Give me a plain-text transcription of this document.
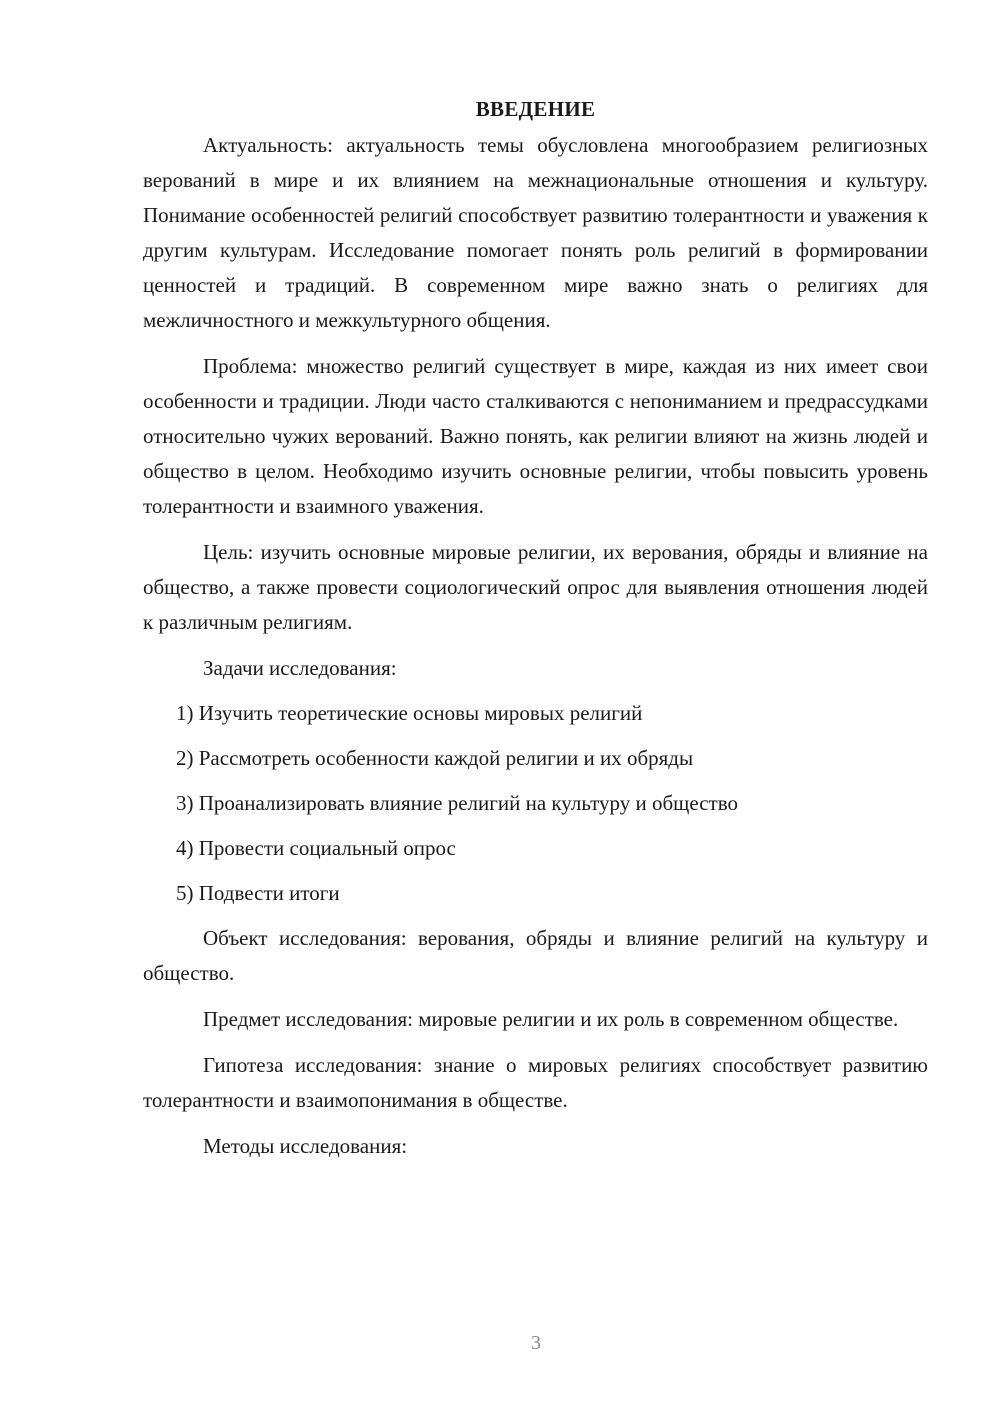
ВВЕДЕНИЕ

Актуальность: актуальность темы обусловлена многообразием религиозных верований в мире и их влиянием на межнациональные отношения и культуру. Понимание особенностей религий способствует развитию толерантности и уважения к другим культурам. Исследование помогает понять роль религий в формировании ценностей и традиций. В современном мире важно знать о религиях для межличностного и межкультурного общения.

Проблема: множество религий существует в мире, каждая из них имеет свои особенности и традиции. Люди часто сталкиваются с непониманием и предрассудками относительно чужих верований. Важно понять, как религии влияют на жизнь людей и общество в целом. Необходимо изучить основные религии, чтобы повысить уровень толерантности и взаимного уважения.

Цель: изучить основные мировые религии, их верования, обряды и влияние на общество, а также провести социологический опрос для выявления отношения людей к различным религиям.

Задачи исследования:

1) Изучить теоретические основы мировых религий
2) Рассмотреть особенности каждой религии и их обряды
3) Проанализировать влияние религий на культуру и общество
4) Провести социальный опрос
5) Подвести итоги

Объект исследования: верования, обряды и влияние религий на культуру и общество.

Предмет исследования: мировые религии и их роль в современном обществе.

Гипотеза исследования: знание о мировых религиях способствует развитию толерантности и взаимопонимания в обществе.

Методы исследования:

3
